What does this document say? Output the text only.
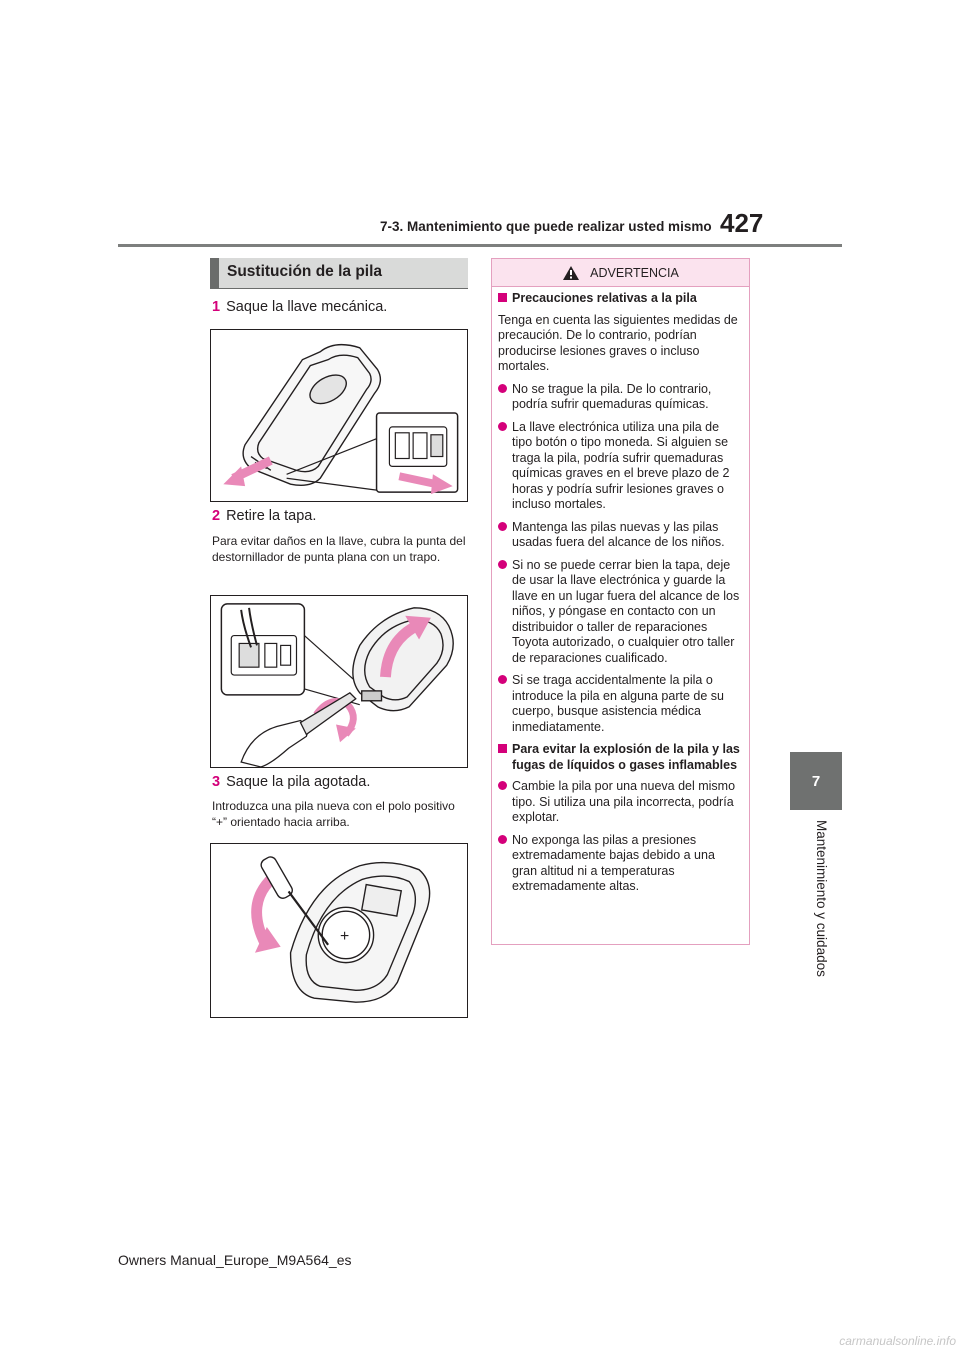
7-3. Mantenimiento que puede realizar usted mismo 427
7
Mantenimiento y cuidados
Sustitución de la pila
1 Saque la llave mecánica.
2 Retire la tapa.
Para evitar daños en la llave, cubra la punta del destornillador de punta plana con un trapo.
3 Saque la pila agotada.
Introduzca una pila nueva con el polo positivo “+” orientado hacia arriba.
+
ADVERTENCIA

Precauciones relativas a la pila

Tenga en cuenta las siguientes medidas de precaución. De lo contrario, podrían producirse lesiones graves o incluso mortales.

No se trague la pila. De lo contrario, podría sufrir quemaduras químicas.

La llave electrónica utiliza una pila de tipo botón o tipo moneda. Si alguien se traga la pila, podría sufrir quemaduras químicas graves en el breve plazo de 2 horas y podría sufrir lesiones graves o incluso mortales.

Mantenga las pilas nuevas y las pilas usadas fuera del alcance de los niños.

Si no se puede cerrar bien la tapa, deje de usar la llave electrónica y guarde la llave en un lugar fuera del alcance de los niños, y póngase en contacto con un distribuidor o taller de reparaciones Toyota autorizado, o cualquier otro taller de reparaciones cualificado.

Si se traga accidentalmente la pila o introduce la pila en alguna parte de su cuerpo, busque asistencia médica inmediatamente.

Para evitar la explosión de la pila y las fugas de líquidos o gases inflamables

Cambie la pila por una nueva del mismo tipo. Si utiliza una pila incorrecta, podría explotar.

No exponga las pilas a presiones extremadamente bajas debido a una gran altitud ni a temperaturas extremadamente altas.

Owners Manual_Europe_M9A564_es
carmanualsonline.info
